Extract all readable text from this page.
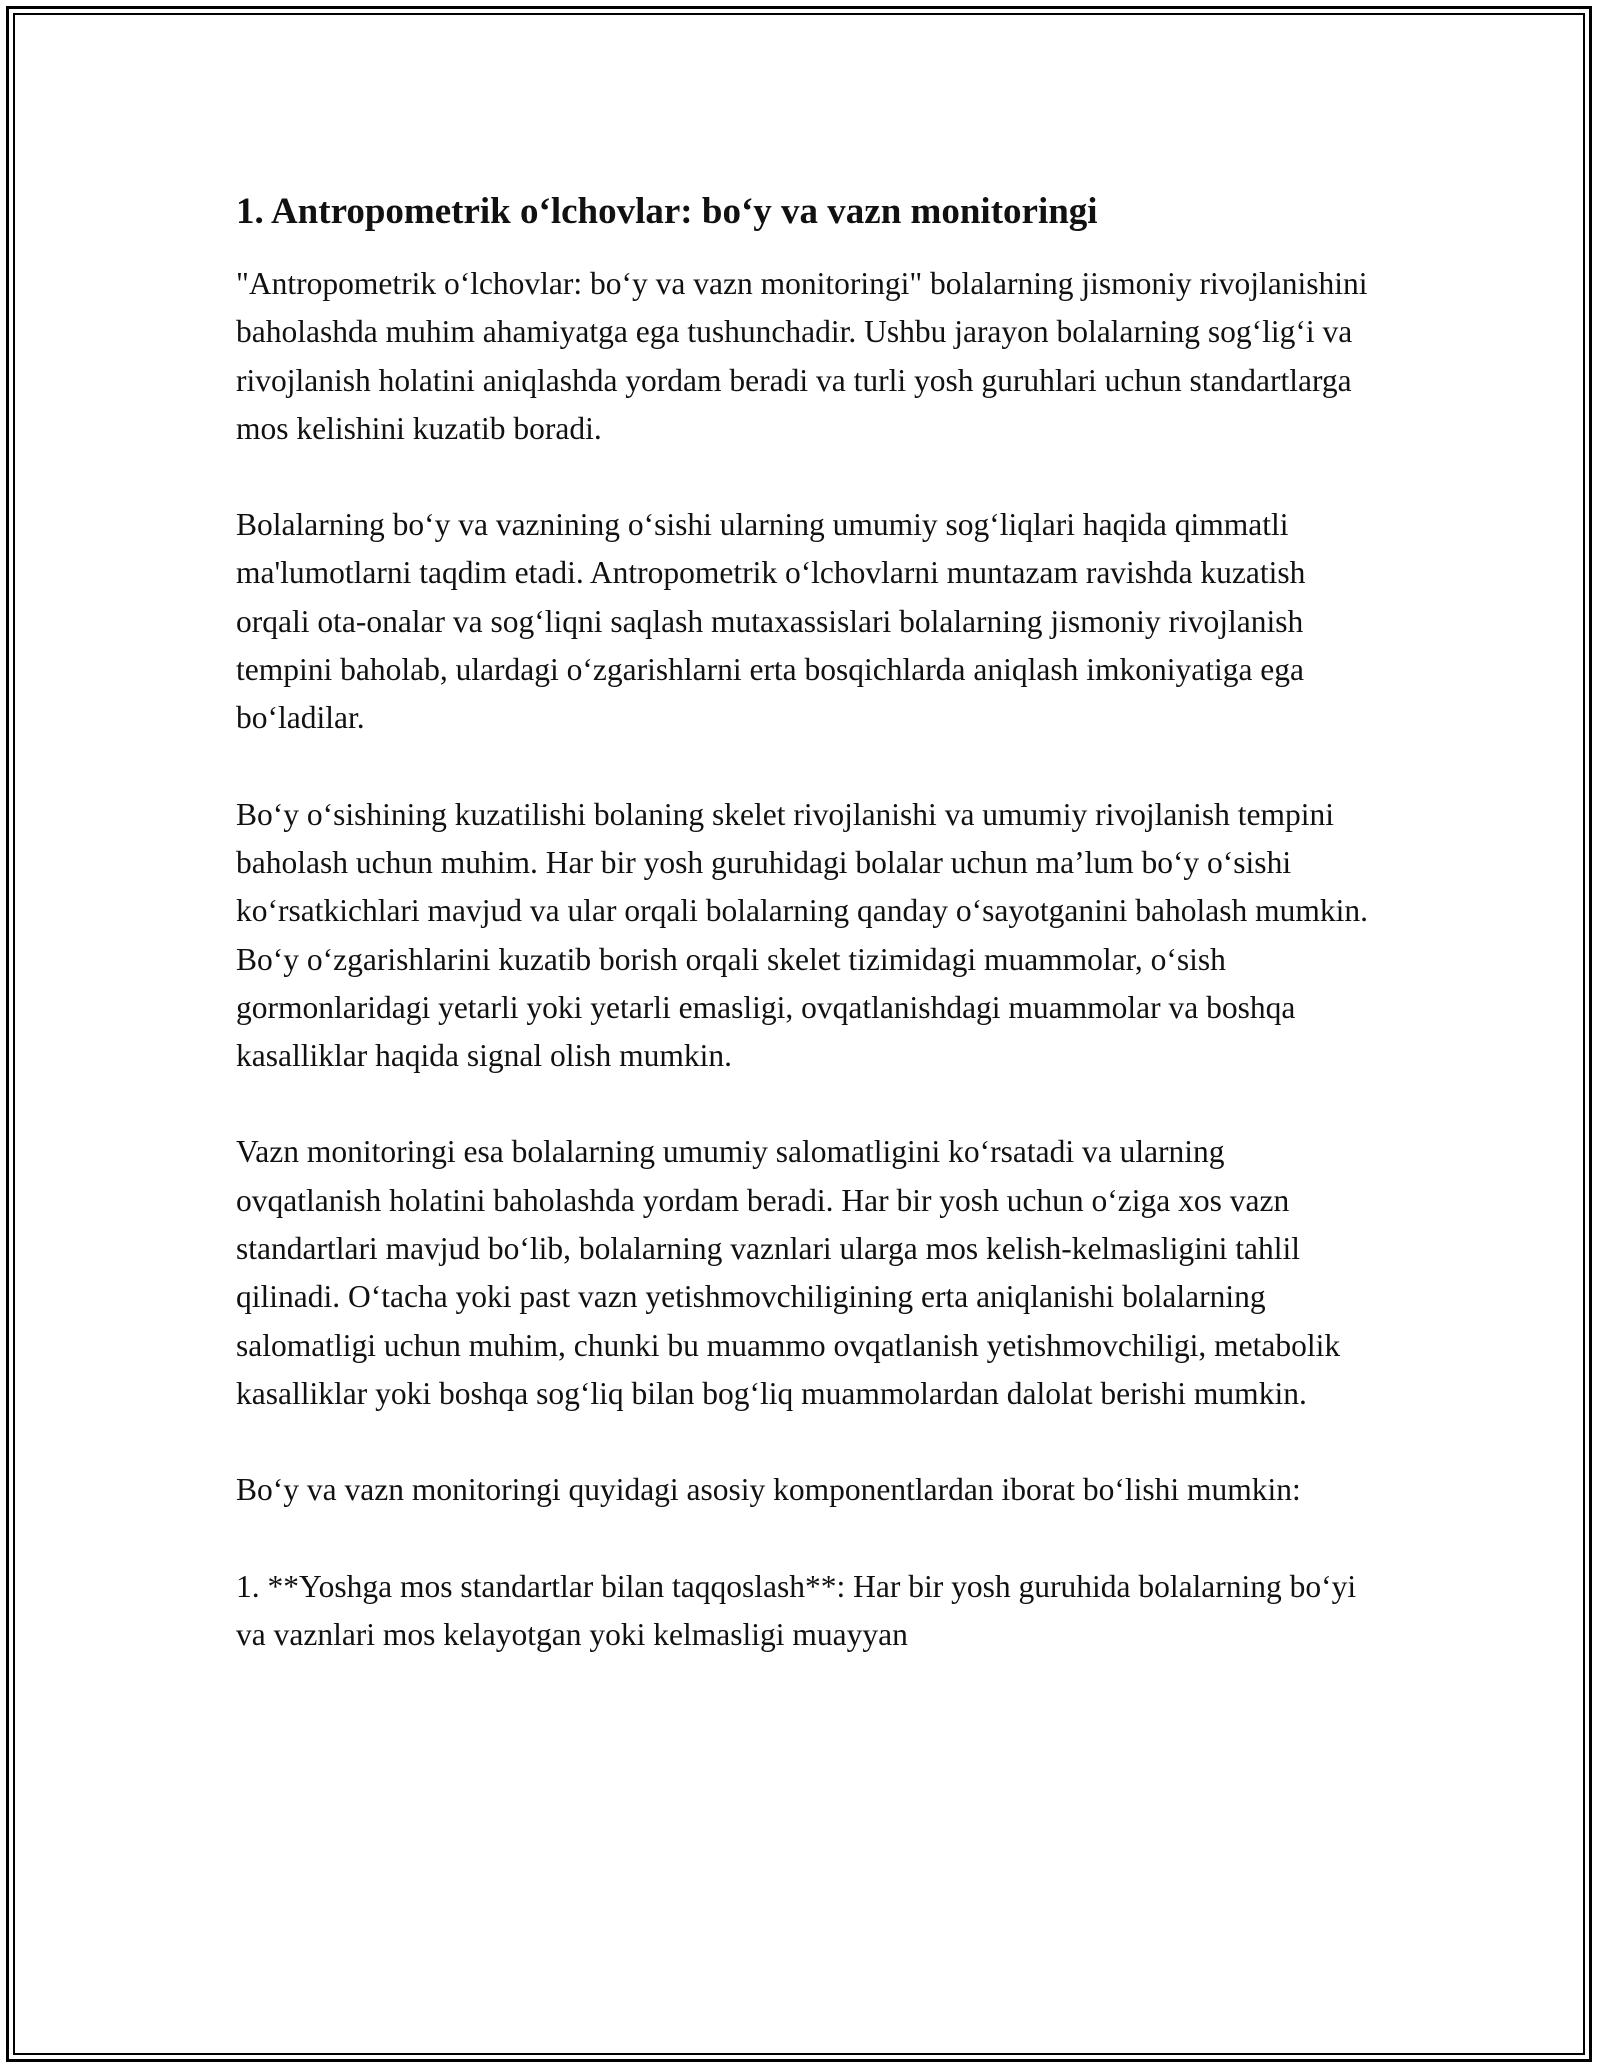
1. Antropometrik o‘lchovlar: bo‘y va vazn monitoringi

"Antropometrik o‘lchovlar: bo‘y va vazn monitoringi" bolalarning jismoniy rivojlanishini baholashda muhim ahamiyatga ega tushunchadir. Ushbu jarayon bolalarning sog‘lig‘i va rivojlanish holatini aniqlashda yordam beradi va turli yosh guruhlari uchun standartlarga mos kelishini kuzatib boradi.

Bolalarning bo‘y va vaznining o‘sishi ularning umumiy sog‘liqlari haqida qimmatli ma'lumotlarni taqdim etadi. Antropometrik o‘lchovlarni muntazam ravishda kuzatish orqali ota-onalar va sog‘liqni saqlash mutaxassislari bolalarning jismoniy rivojlanish tempini baholab, ulardagi o‘zgarishlarni erta bosqichlarda aniqlash imkoniyatiga ega bo‘ladilar.

Bo‘y o‘sishining kuzatilishi bolaning skelet rivojlanishi va umumiy rivojlanish tempini baholash uchun muhim. Har bir yosh guruhidagi bolalar uchun ma’lum bo‘y o‘sishi ko‘rsatkichlari mavjud va ular orqali bolalarning qanday o‘sayotganini baholash mumkin. Bo‘y o‘zgarishlarini kuzatib borish orqali skelet tizimidagi muammolar, o‘sish gormonlaridagi yetarli yoki yetarli emasligi, ovqatlanishdagi muammolar va boshqa kasalliklar haqida signal olish mumkin.

Vazn monitoringi esa bolalarning umumiy salomatligini ko‘rsatadi va ularning ovqatlanish holatini baholashda yordam beradi. Har bir yosh uchun o‘ziga xos vazn standartlari mavjud bo‘lib, bolalarning vaznlari ularga mos kelish-kelmasligini tahlil qilinadi. O‘tacha yoki past vazn yetishmovchiligining erta aniqlanishi bolalarning salomatligi uchun muhim, chunki bu muammo ovqatlanish yetishmovchiligi, metabolik kasalliklar yoki boshqa sog‘liq bilan bog‘liq muammolardan dalolat berishi mumkin.

Bo‘y va vazn monitoringi quyidagi asosiy komponentlardan iborat bo‘lishi mumkin:

1. **Yoshga mos standartlar bilan taqqoslash**: Har bir yosh guruhida bolalarning bo‘yi va vaznlari mos kelayotgan yoki kelmasligi muayyan
